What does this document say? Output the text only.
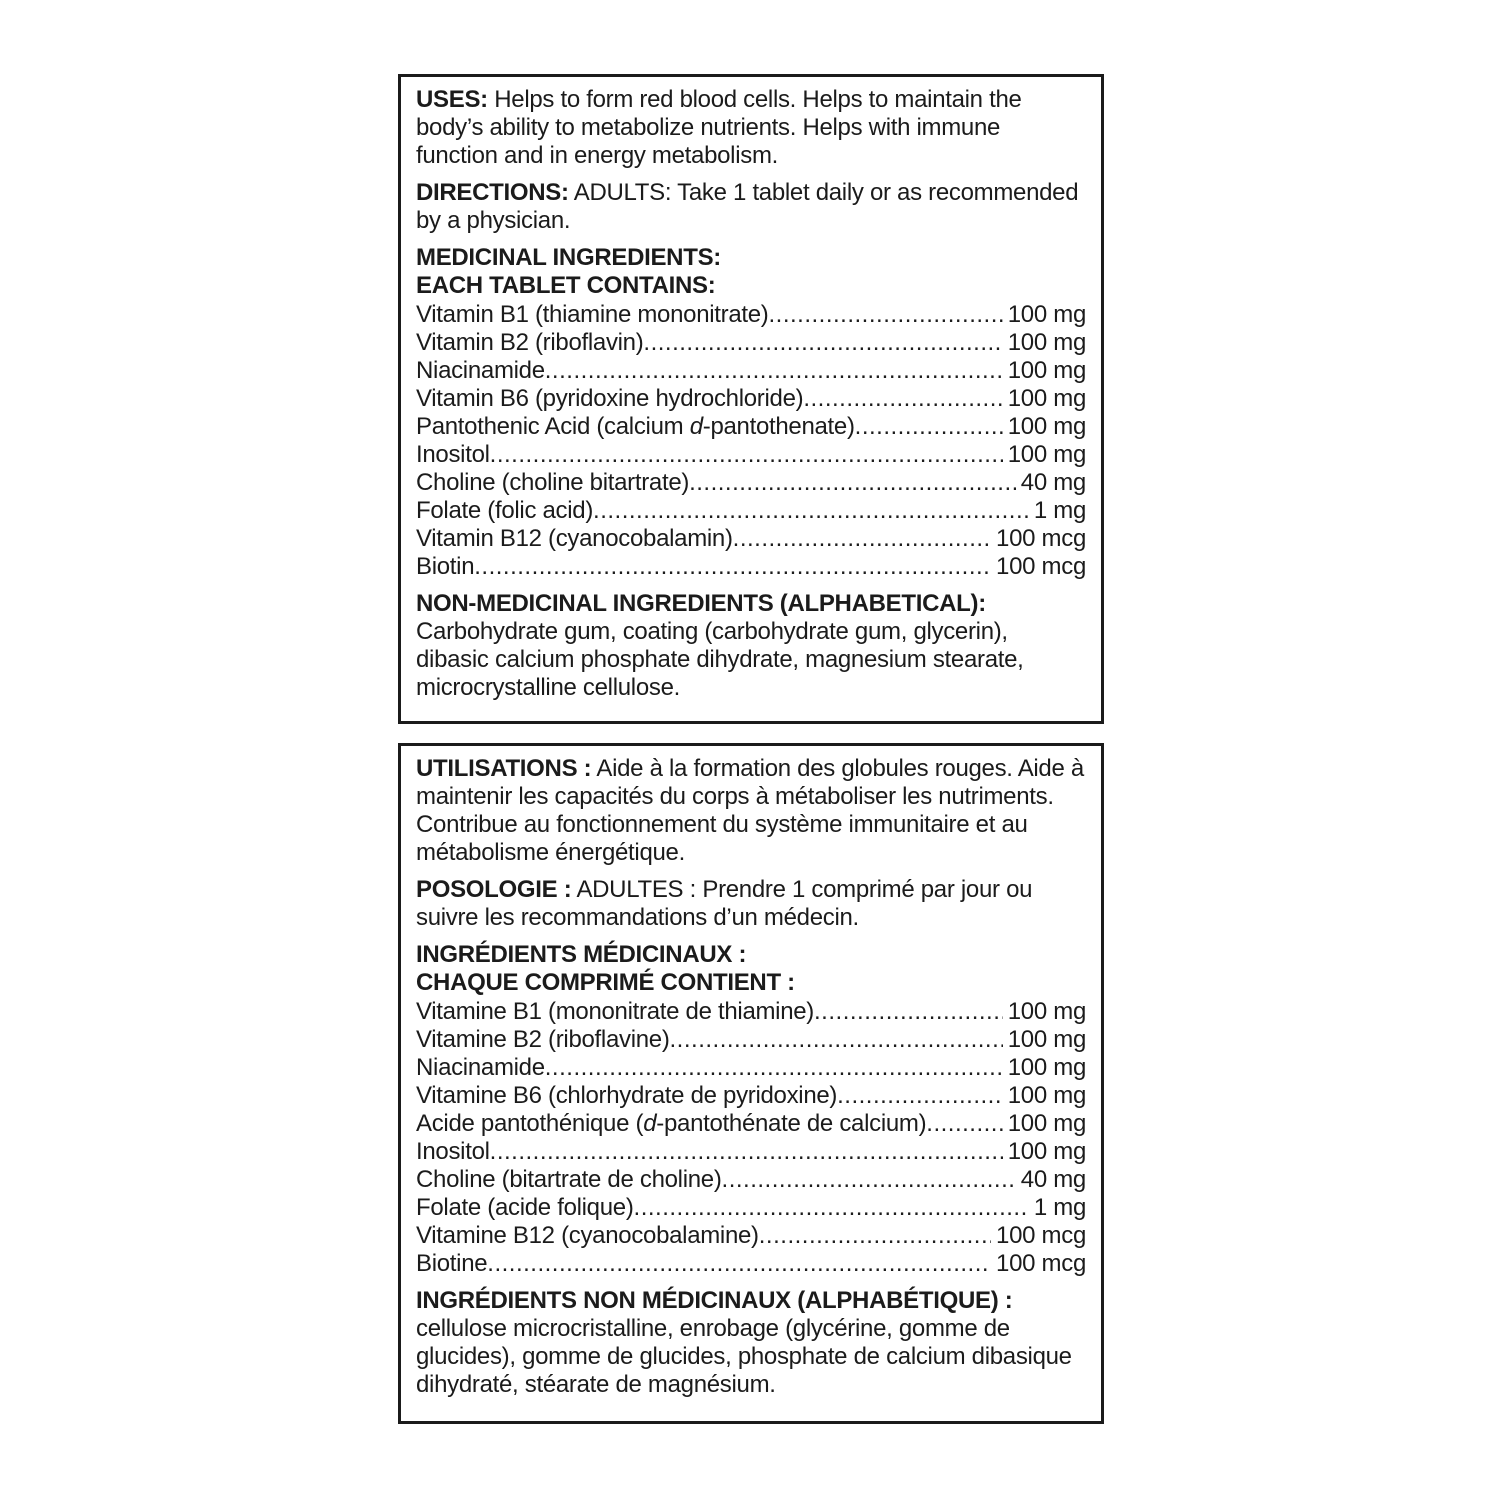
USES: Helps to form red blood cells. Helps to maintain the body’s ability to metabolize nutrients. Helps with immune function and in energy metabolism.

DIRECTIONS: ADULTS: Take 1 tablet daily or as recommended by a physician.

MEDICINAL INGREDIENTS:
EACH TABLET CONTAINS:
Vitamin B1 (thiamine mononitrate) .....	100 mg
Vitamin B2 (riboflavin) .....	100 mg
Niacinamide .....	100 mg
Vitamin B6 (pyridoxine hydrochloride) .....	100 mg
Pantothenic Acid (calcium d-pantothenate) .....	100 mg
Inositol .....	100 mg
Choline (choline bitartrate) .....	40 mg
Folate (folic acid) .....	1 mg
Vitamin B12 (cyanocobalamin) .....	100 mcg
Biotin .....	100 mcg

NON-MEDICINAL INGREDIENTS (ALPHABETICAL): Carbohydrate gum, coating (carbohydrate gum, glycerin), dibasic calcium phosphate dihydrate, magnesium stearate, microcrystalline cellulose.

UTILISATIONS : Aide à la formation des globules rouges. Aide à maintenir les capacités du corps à métaboliser les nutriments. Contribue au fonctionnement du système immunitaire et au métabolisme énergétique.

POSOLOGIE : ADULTES : Prendre 1 comprimé par jour ou suivre les recommandations d’un médecin.

INGRÉDIENTS MÉDICINAUX :
CHAQUE COMPRIMÉ CONTIENT :
Vitamine B1 (mononitrate de thiamine) .....	100 mg
Vitamine B2 (riboflavine) .....	100 mg
Niacinamide .....	100 mg
Vitamine B6 (chlorhydrate de pyridoxine) .....	100 mg
Acide pantothénique (d-pantothénate de calcium) .....	100 mg
Inositol .....	100 mg
Choline (bitartrate de choline) .....	40 mg
Folate (acide folique) .....	1 mg
Vitamine B12 (cyanocobalamine) .....	100 mcg
Biotine .....	100 mcg

INGRÉDIENTS NON MÉDICINAUX (ALPHABÉTIQUE) : cellulose microcristalline, enrobage (glycérine, gomme de glucides), gomme de glucides, phosphate de calcium dibasique dihydraté, stéarate de magnésium.
